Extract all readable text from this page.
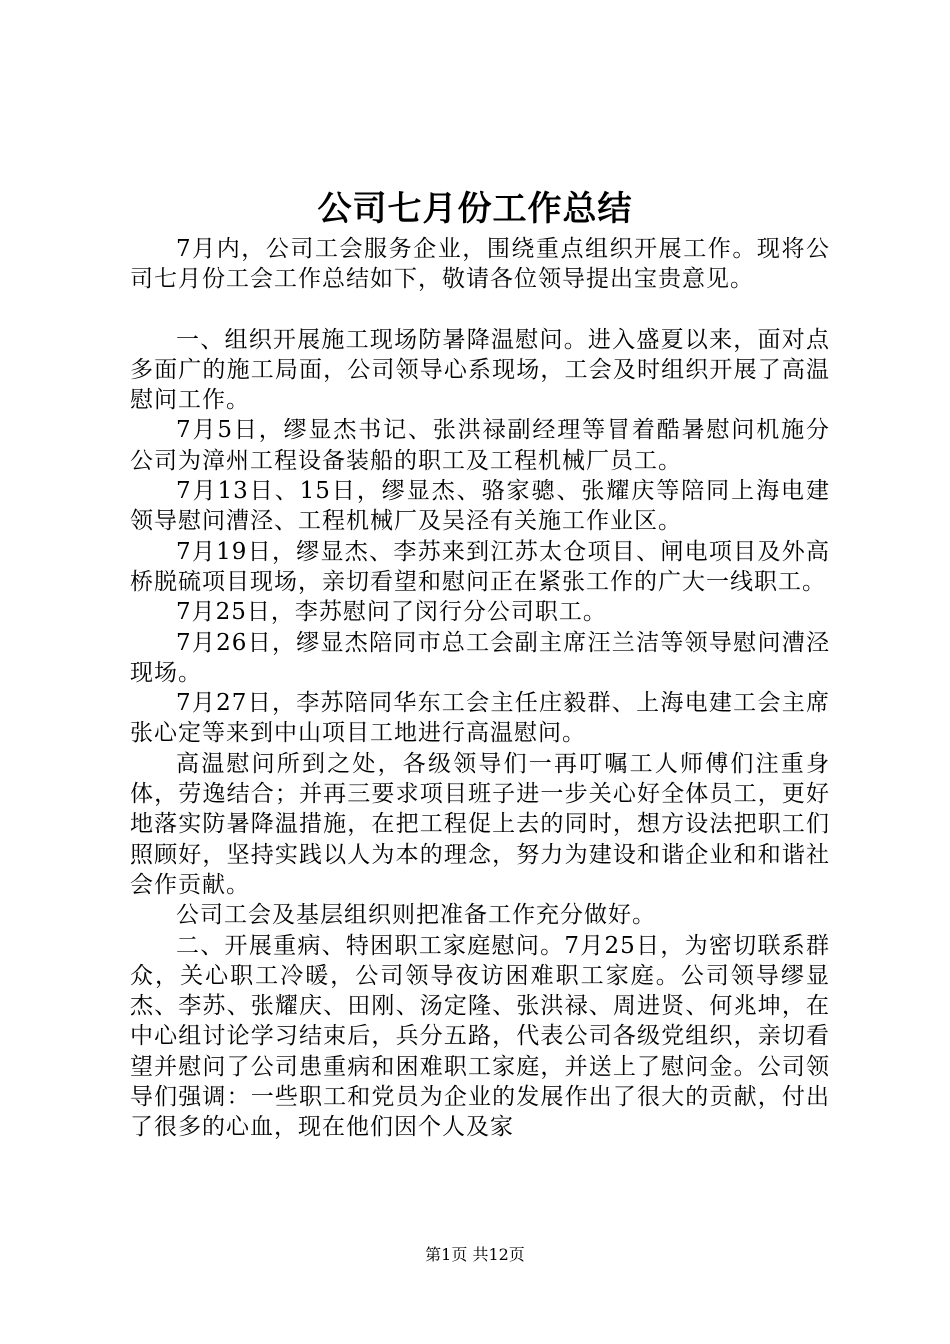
公司七月份工作总结

7月内，公司工会服务企业，围绕重点组织开展工作。现将公司七月份工会工作总结如下，敬请各位领导提出宝贵意见。

一、组织开展施工现场防暑降温慰问。进入盛夏以来，面对点多面广的施工局面，公司领导心系现场，工会及时组织开展了高温慰问工作。

7月5日，缪显杰书记、张洪禄副经理等冒着酷暑慰问机施分公司为漳州工程设备装船的职工及工程机械厂员工。

7月13日、15日，缪显杰、骆家骢、张耀庆等陪同上海电建领导慰问漕泾、工程机械厂及吴泾有关施工作业区。

7月19日，缪显杰、李苏来到江苏太仓项目、闸电项目及外高桥脱硫项目现场，亲切看望和慰问正在紧张工作的广大一线职工。

7月25日，李苏慰问了闵行分公司职工。

7月26日，缪显杰陪同市总工会副主席汪兰洁等领导慰问漕泾现场。

7月27日，李苏陪同华东工会主任庄毅群、上海电建工会主席张心定等来到中山项目工地进行高温慰问。

高温慰问所到之处，各级领导们一再叮嘱工人师傅们注重身体，劳逸结合；并再三要求项目班子进一步关心好全体员工，更好地落实防暑降温措施，在把工程促上去的同时，想方设法把职工们照顾好，坚持实践以人为本的理念，努力为建设和谐企业和和谐社会作贡献。

公司工会及基层组织则把准备工作充分做好。

二、开展重病、特困职工家庭慰问。7月25日，为密切联系群众，关心职工冷暖，公司领导夜访困难职工家庭。公司领导缪显杰、李苏、张耀庆、田刚、汤定隆、张洪禄、周进贤、何兆坤，在中心组讨论学习结束后，兵分五路，代表公司各级党组织，亲切看望并慰问了公司患重病和困难职工家庭，并送上了慰问金。公司领导们强调：一些职工和党员为企业的发展作出了很大的贡献，付出了很多的心血，现在他们因个人及家

第1页 共12页
